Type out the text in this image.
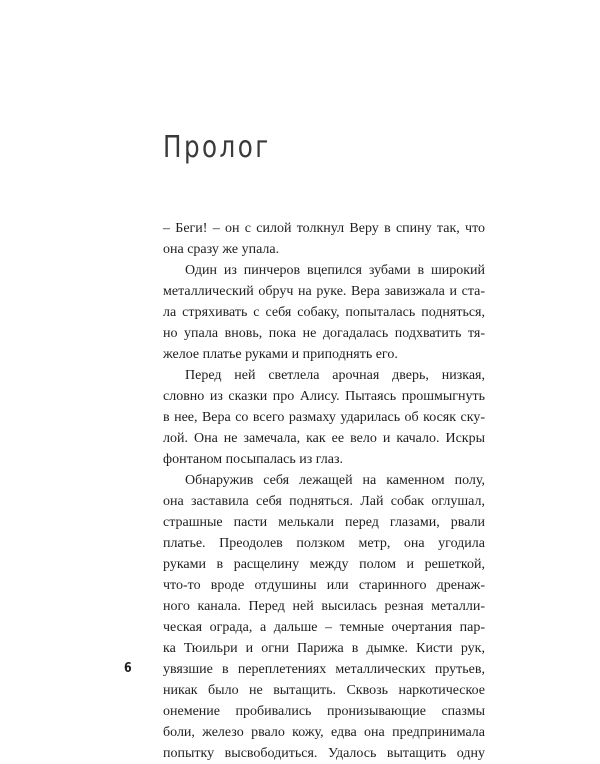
Пролог
– Беги! – он с силой толкнул Веру в спину так, что
она сразу же упала.
Один из пинчеров вцепился зубами в широкий
металлический обруч на руке. Вера завизжала и ста-
ла стряхивать с себя собаку, попыталась подняться,
но упала вновь, пока не догадалась подхватить тя-
желое платье руками и приподнять его.
Перед ней светлела арочная дверь, низкая,
словно из сказки про Алису. Пытаясь прошмыгнуть
в нее, Вера со всего размаху ударилась об косяк ску-
лой. Она не замечала, как ее вело и качало. Искры
фонтаном посыпалась из глаз.
Обнаружив себя лежащей на каменном полу,
она заставила себя подняться. Лай собак оглушал,
страшные пасти мелькали перед глазами, рвали
платье. Преодолев ползком метр, она угодила
руками в расщелину между полом и решеткой,
что-то вроде отдушины или старинного дренаж-
ного канала. Перед ней высилась резная металли-
ческая ограда, а дальше – темные очертания пар-
ка Тюильри и огни Парижа в дымке. Кисти рук,
увязшие в переплетениях металлических прутьев,
никак было не вытащить. Сквозь наркотическое
онемение пробивались пронизывающие спазмы
боли, железо рвало кожу, едва она предпринимала
попытку высвободиться. Удалось вытащить одну
6
